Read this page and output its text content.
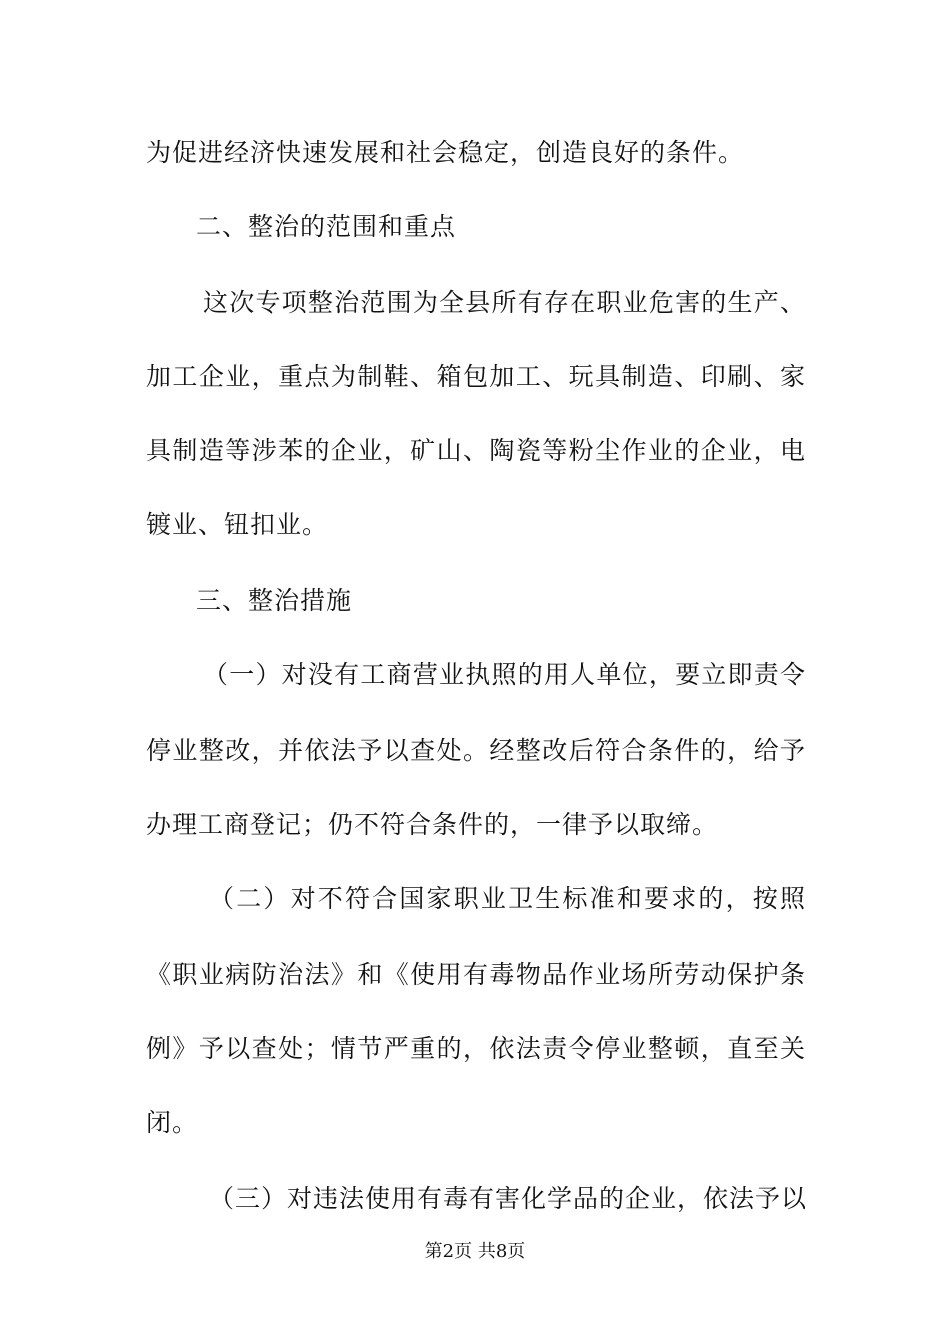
为促进经济快速发展和社会稳定，创造良好的条件。
二、整治的范围和重点
这次专项整治范围为全县所有存在职业危害的生产、
加工企业，重点为制鞋、箱包加工、玩具制造、印刷、家
具制造等涉苯的企业，矿山、陶瓷等粉尘作业的企业，电
镀业、钮扣业。
三、整治措施
（一）对没有工商营业执照的用人单位，要立即责令
停业整改，并依法予以查处。经整改后符合条件的，给予
办理工商登记；仍不符合条件的，一律予以取缔。
（二）对不符合国家职业卫生标准和要求的，按照
《职业病防治法》和《使用有毒物品作业场所劳动保护条
例》予以查处；情节严重的，依法责令停业整顿，直至关
闭。
（三）对违法使用有毒有害化学品的企业，依法予以
第2页 共8页
